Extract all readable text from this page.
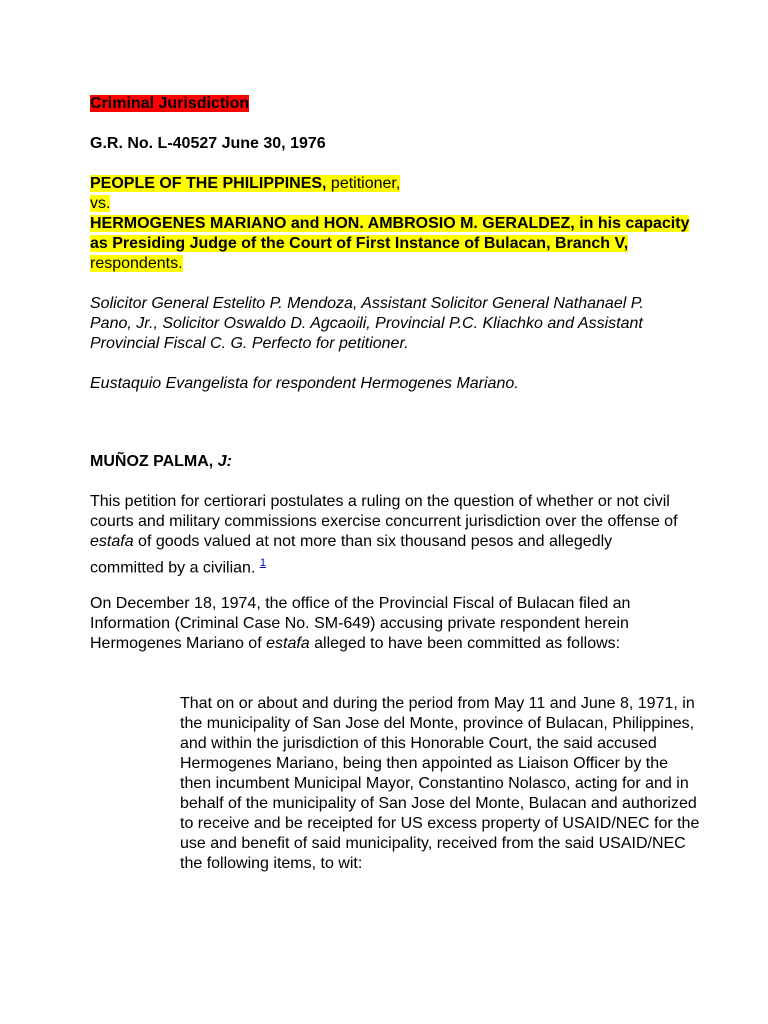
Criminal Jurisdiction

G.R. No. L-40527 June 30, 1976

PEOPLE OF THE PHILIPPINES, petitioner,
vs.
HERMOGENES MARIANO and HON. AMBROSIO M. GERALDEZ, in his capacity as Presiding Judge of the Court of First Instance of Bulacan, Branch V, respondents.

Solicitor General Estelito P. Mendoza, Assistant Solicitor General Nathanael P. Pano, Jr., Solicitor Oswaldo D. Agcaoili, Provincial P.C. Kliachko and Assistant Provincial Fiscal C. G. Perfecto for petitioner.

Eustaquio Evangelista for respondent Hermogenes Mariano.

MUÑOZ PALMA, J:

This petition for certiorari postulates a ruling on the question of whether or not civil courts and military commissions exercise concurrent jurisdiction over the offense of estafa of goods valued at not more than six thousand pesos and allegedly committed by a civilian. $^1$

On December 18, 1974, the office of the Provincial Fiscal of Bulacan filed an Information (Criminal Case No. SM-649) accusing private respondent herein Hermogenes Mariano of estafa alleged to have been committed as follows:

That on or about and during the period from May 11 and June 8, 1971, in the municipality of San Jose del Monte, province of Bulacan, Philippines, and within the jurisdiction of this Honorable Court, the said accused Hermogenes Mariano, being then appointed as Liaison Officer by the then incumbent Municipal Mayor, Constantino Nolasco, acting for and in behalf of the municipality of San Jose del Monte, Bulacan and authorized to receive and be receipted for US excess property of USAID/NEC for the use and benefit of said municipality, received from the said USAID/NEC the following items, to wit:
